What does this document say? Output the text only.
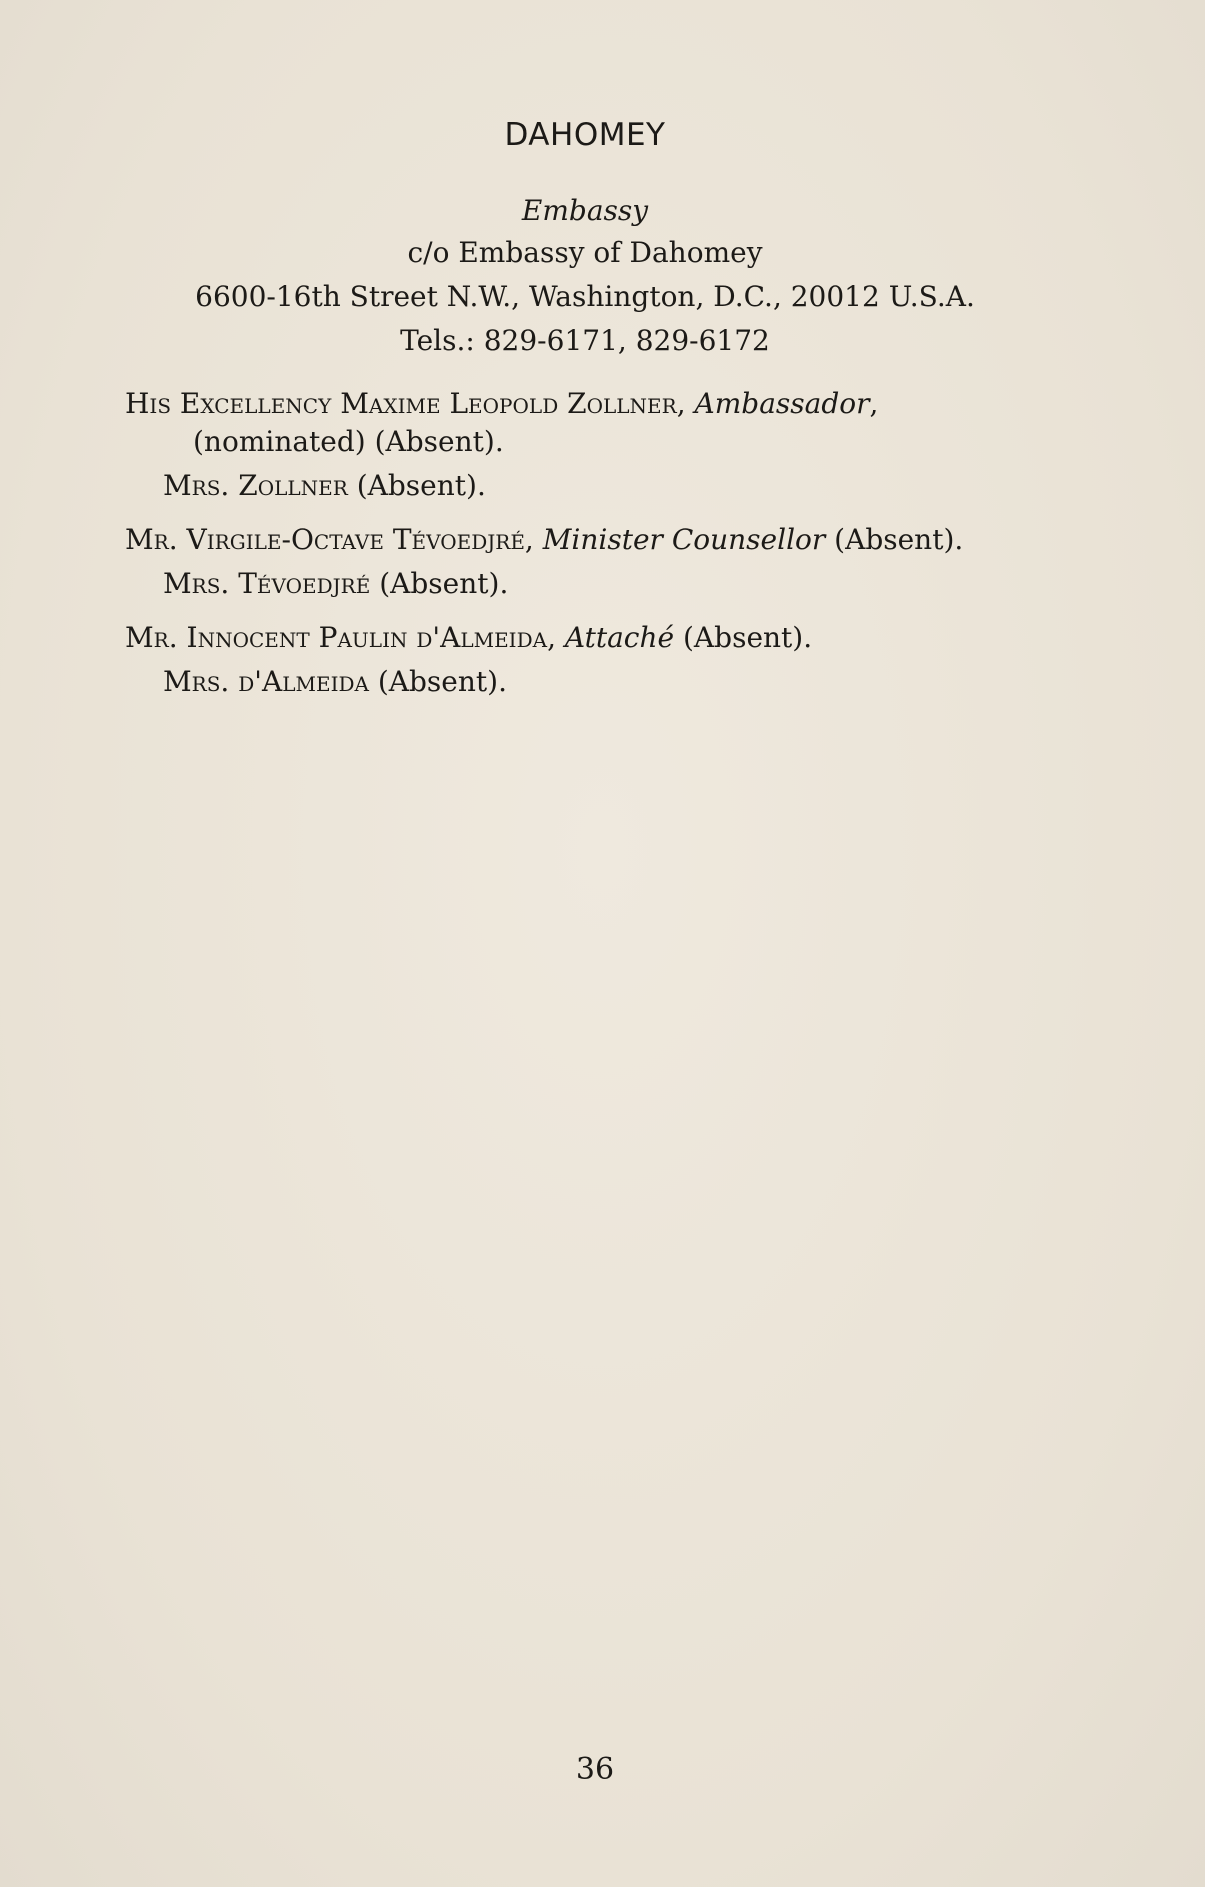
DAHOMEY
Embassy
c/o Embassy of Dahomey
6600-16th Street N.W., Washington, D.C., 20012 U.S.A.
Tels.: 829-6171, 829-6172
His Excellency Maxime Leopold Zollner, Ambassador, (nominated) (Absent).
Mrs. Zollner (Absent).
Mr. Virgile-Octave Tévoedjré, Minister Counsellor (Absent).
Mrs. Tévoedjré (Absent).
Mr. Innocent Paulin d'Almeida, Attaché (Absent).
Mrs. d'Almeida (Absent).
36
